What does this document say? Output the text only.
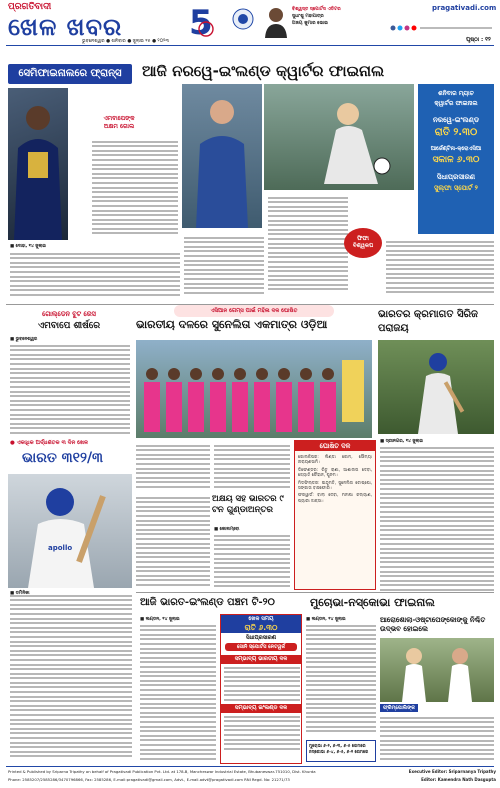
ପ୍ରଗତିବାଦୀ
ଖେଳ ଖବର 5	ବିଶ୍ୱସ୍ତ ସ୍ପୋର୍ଟସ ଏଡିଟର
ସୁଧାଂଶୁ ମହାପାତ୍ର
ଅଜୟ କୁମାର ଭୋଇ
pragativadi.com
ଭୁବନେଶ୍ୱର ● ଶନିବାର ● ଜୁଲାଇ ୧୫ ● ୨୦୨୩	ପୃଷ୍ଠା : ୧୨
ସେମିଫାଇନାଲରେ ଫ୍ରାନ୍ସ
ଏମବାପେଙ୍କ ଅକ୍ଷମ ଗୋଲ
■ ଦୋହା, ୧୪ ଜୁଲାଇ
ଆଜି ନରୱେ-ଇଂଲଣ୍ଡ କ୍ୱାର୍ଟର ଫାଇନାଲ
ଫିଫା ବିଶ୍ୱକପ
ଶନିବାର ମ୍ୟାଚ
କ୍ୱାର୍ଟର ଫାଇନାଲ
ନରୱେ-ଇଂଲଣ୍ଡ
ରାତି ୨.୩୦
ଆର୍ଜେଣ୍ଟିନା-କ୍ରୋଏସିଆ
ସକାଳ ୬.୩୦
ସିଧାପ୍ରସାରଣ
ସୁଲ୍ଫା ସ୍ପୋର୍ଟ ୨
ଗୋଲ୍ଡେନ ବୁଟ ରେସ
ଏମବାପେ ଶୀର୍ଷରେ
■ ଭୁବନେଶ୍ୱର
ଏସିଆନ ଗେମ୍ସ ପାଇଁ ମହିଳା ଦଳ ଘୋଷିତ
ଭାରତୀୟ ଦଳରେ ସୁନେଲିତା ଏକମାତ୍ର ଓଡ଼ିଆ
ଭାରତର କ୍ରମାଗତ ସିରିଜ ପରାଜୟ
■ ସ୍ରୀନଗର, ୧୪ ଜୁଲାଇ
ଘୋଷିତ ଦଳ
ଗୋଲକିପର: ଲିଣ୍ଡା କୋମ, ସୌମ୍ୟା ନାରାୟଣସାମି।
ଡିଫେଣ୍ଡର: ରିତୁ ରାଣୀ, ଆଶାଲତା ଦେବୀ, ଜ୍ୟୋତି ଚୌହାନ, ପୁନମ।
ମିଡଫିଲ୍ଡର: ଇନ୍ଦୁମତି, ସୁନେଲିତା ଟୋପ୍ପୋ, ସଙ୍ଗୀତା ବାସଫୋର।
ଫରୱାର୍ଡ: ବାଲା ଦେବୀ, ମନୀଷା କଲ୍ୟାଣ, ପ୍ୟାରୀ ଜାକ୍ସା।
● ଏକାଧିକ ଅର୍ଦ୍ଧଶତକ ୩ ଦିନ ଖେଳ
ଭାରତ ୩୧୨/୩
apollo
ଅକ୍ଷୟ ସହ ଭାରତର ୯ ଟନ ଗୁଣ୍ଡାଅନ୍ତର
■ କୋଲମ୍ବୋ
■ ଡମିନିକା
ଆଜି ଭାରତ-ଇଂଲଣ୍ଡ ପଞ୍ଚମ ଟି-୨୦	ମୁଚୋଭା-ନସ୍କୋଭା ଫାଇନାଲ
■ ଲଣ୍ଡନ, ୧୪ ଜୁଲାଇ	ଖେଳ ସମୟ
ରାତି ୬.୩୦
ସିଧାପ୍ରସାରଣ
ସୋନି ସ୍ପୋର୍ଟସ ନେଟୱର୍କ
ସମ୍ଭାବ୍ୟ ଭାରତୀୟ ଦଳ
ସମ୍ଭାବ୍ୟ ଇଂଲଣ୍ଡ ଦଳ
■ ଲଣ୍ଡନ, ୧୪ ଜୁଲାଇ	ଆରୋଶୋଲା-ଓଷ୍ଟାପେଙ୍କୋଙ୍କୁ ନିଶ୍ଚିତ ଉଦ୍ଭବ ହୋଇଲେ
ଫ୍ରିମ୍ପୋଲିଙ୍କ
ମୁଚୋଭା ୬-୨, ୬-୩, ୬-୫ ଗେମରେ
ନସ୍କୋଭା ୬-୪, ୬-୫, ୬-୧ ଗେମରେ
Printed & Published by Sriparna Tripathy on behalf of Pragativadi Publication Pvt. Ltd. at 178-B, Mancheswar Industrial Estate, Bhubaneswar-751010, Dist. Khurda
Phone: 2585207/2585286/3470796866, Fax: 2585286, E-mail:pragativadi@gmail.com, Advt., E-mail.advt@pragativadi.com RNI Regd. No: 21271/73
Executive Editor: Sriparnanya Tripathy
Editor: Kamendra Nath Dasgupta
